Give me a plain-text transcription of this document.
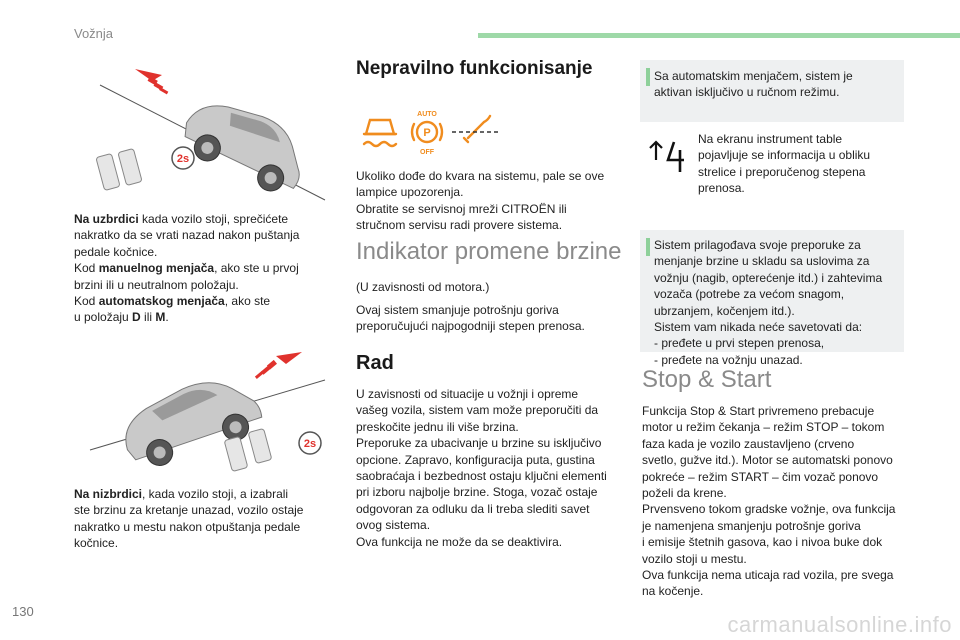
Vožnja
2s
Na uzbrdici kada vozilo stoji, sprečićete
nakratko da se vrati nazad nakon puštanja
pedale kočnice.
Kod manuelnog menjača, ako ste u prvoj
brzini ili u neutralnom položaju.
Kod automatskog menjača, ako ste
u položaju D ili M.
2s
Na nizbrdici, kada vozilo stoji, a izabrali
ste brzinu za kretanje unazad, vozilo ostaje
nakratko u mestu nakon otpuštanja pedale
kočnice.
Nepravilno funkcionisanje
AUTO
P
OFF
Ukoliko dođe do kvara na sistemu, pale se ove
lampice upozorenja.
Obratite se servisnoj mreži CITROËN ili
stručnom servisu radi provere sistema.
Indikator promene brzine
(U zavisnosti od motora.)
Ovaj sistem smanjuje potrošnju goriva
preporučujući najpogodniji stepen prenosa.
Rad
U zavisnosti od situacije u vožnji i opreme
vašeg vozila, sistem vam može preporučiti da
preskočite jednu ili više brzina.
Preporuke za ubacivanje u brzine su isključivo
opcione. Zapravo, konfiguracija puta, gustina
saobraćaja i bezbednost ostaju ključni elementi
pri izboru najbolje brzine. Stoga, vozač ostaje
odgovoran za odluku da li treba slediti savet
ovog sistema.
Ova funkcija ne može da se deaktivira.
Sa automatskim menjačem, sistem je
aktivan isključivo u ručnom režimu.
Na ekranu instrument table
pojavljuje se informacija u obliku
strelice i preporučenog stepena
prenosa.
Sistem prilagođava svoje preporuke za
menjanje brzine u skladu sa uslovima za
vožnju (nagib, opterećenje itd.) i zahtevima
vozača (potrebe za većom snagom,
ubrzanjem, kočenjem itd.).
Sistem vam nikada neće savetovati da:
- pređete u prvi stepen prenosa,
- pređete na vožnju unazad.
Stop & Start
Funkcija Stop & Start privremeno prebacuje
motor u režim čekanja – režim STOP – tokom
faza kada je vozilo zaustavljeno (crveno
svetlo, gužve itd.). Motor se automatski ponovo
pokreće – režim START – čim vozač ponovo
poželi da krene.
Prvensveno tokom gradske vožnje, ova funkcija
je namenjena smanjenju potrošnje goriva
i emisije štetnih gasova, kao i nivoa buke dok
vozilo stoji u mestu.
Ova funkcija nema uticaja rad vozila, pre svega
na kočenje.
130
carmanualsonline.info
